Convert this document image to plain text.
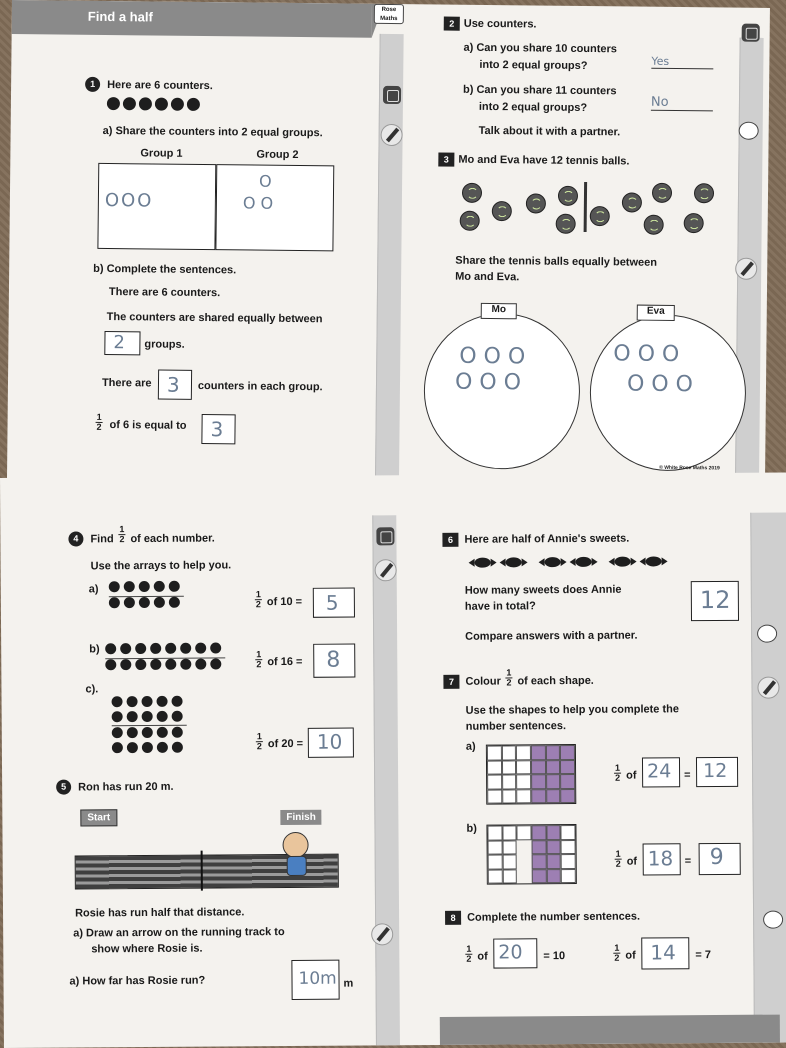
Find a half	Rose Maths
1	Here are 6 counters.
a) Share the counters into 2 equal groups.
Group 1	Group 2
OOO
O
O O
b) Complete the sentences.
There are 6 counters.
The counters are shared equally between
2 groups.
There are 3 counters in each group.
$\frac{1}{2}$ of 6 is equal to 3
2 Use counters.
a) Can you share 10 counters
into 2 equal groups?	Yes
b) Can you share 11 counters
into 2 equal groups?	No
Talk about it with a partner.
3 Mo and Eva have 12 tennis balls.
Share the tennis balls equally between
Mo and Eva.
O O O
O O O
Mo
O O O
O O O
Eva
© White Rose Maths 2019
4	Find $\frac{1}{2}$ of each number.
Use the arrays to help you.
a)
$\frac{1}{2}$ of 10 = 5
b)
$\frac{1}{2}$ of 16 = 8
c).
$\frac{1}{2}$ of 20 = 10
5	Ron has run 20 m.
Start	Finish
Rosie has run half that distance.
a) Draw an arrow on the running track to
show where Rosie is.
a) How far has Rosie run?	10m m
6	Here are half of Annie's sweets.
How many sweets does Annie
have in total?	12
Compare answers with a partner.
7	Colour $\frac{1}{2}$ of each shape.
Use the shapes to help you complete the
number sentences.
a)
$\frac{1}{2}$ of 24 = 12
b)
$\frac{1}{2}$ of 18 = 9
8	Complete the number sentences.
$\frac{1}{2}$ of 20 = 10	$\frac{1}{2}$ of 14 = 7
